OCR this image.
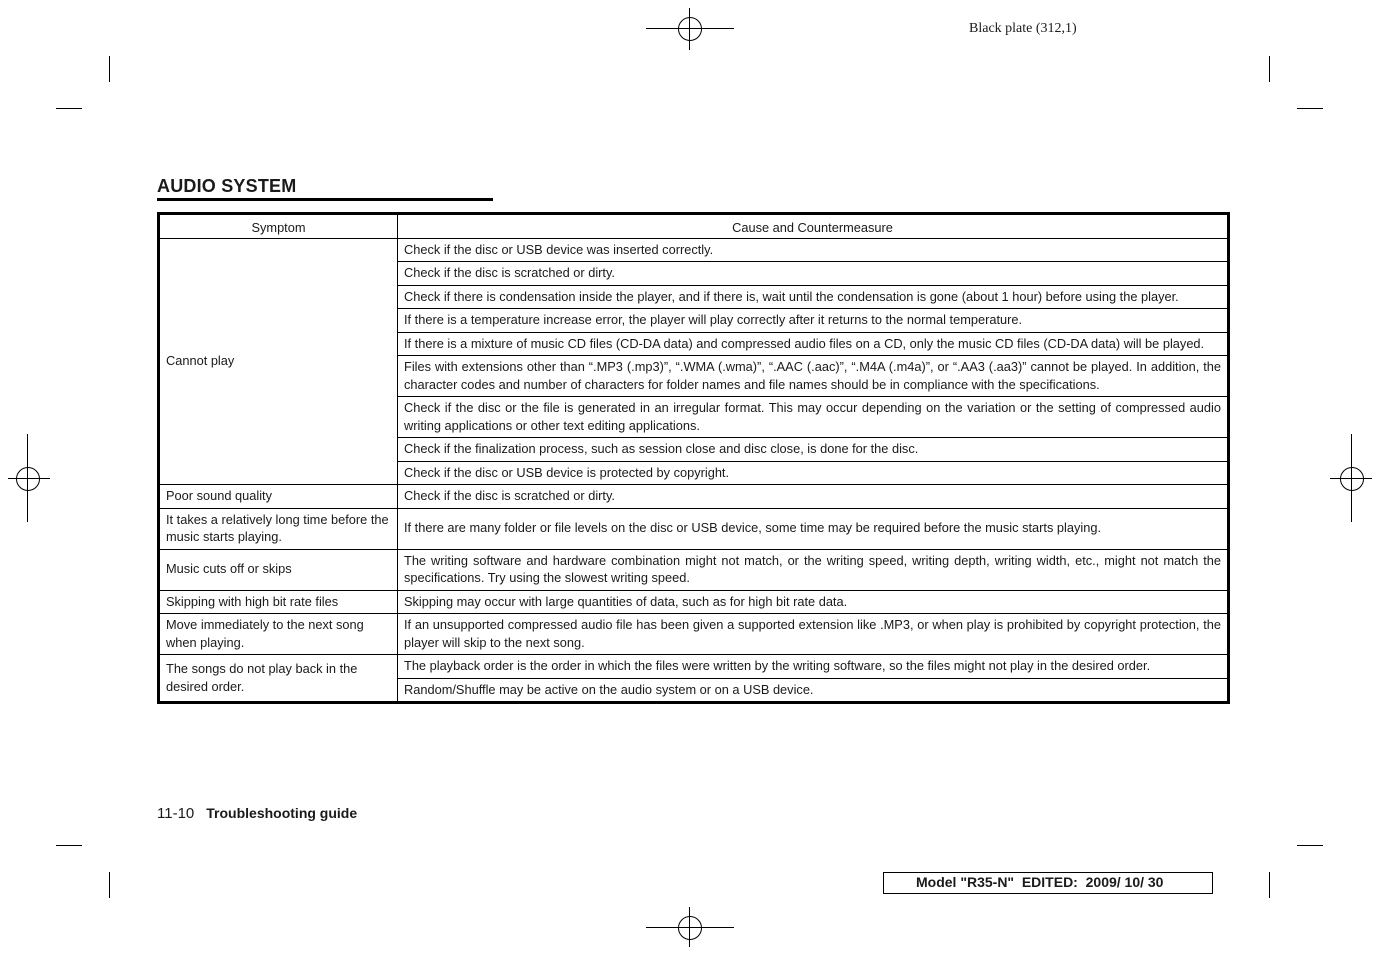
Black plate (312,1)
AUDIO SYSTEM
Symptom	Cause and Countermeasure
Cannot play	Check if the disc or USB device was inserted correctly.
	Check if the disc is scratched or dirty.
	Check if there is condensation inside the player, and if there is, wait until the condensation is gone (about 1 hour) before using the player.
	If there is a temperature increase error, the player will play correctly after it returns to the normal temperature.
	If there is a mixture of music CD files (CD-DA data) and compressed audio files on a CD, only the music CD files (CD-DA data) will be played.
	Files with extensions other than “.MP3 (.mp3)”, “.WMA (.wma)”, “.AAC (.aac)”, “.M4A (.m4a)”, or “.AA3 (.aa3)” cannot be played. In addition, the character codes and number of characters for folder names and file names should be in compliance with the specifications.
	Check if the disc or the file is generated in an irregular format. This may occur depending on the variation or the setting of compressed audio writing applications or other text editing applications.
	Check if the finalization process, such as session close and disc close, is done for the disc.
	Check if the disc or USB device is protected by copyright.
Poor sound quality	Check if the disc is scratched or dirty.
It takes a relatively long time before the music starts playing.	If there are many folder or file levels on the disc or USB device, some time may be required before the music starts playing.
Music cuts off or skips	The writing software and hardware combination might not match, or the writing speed, writing depth, writing width, etc., might not match the specifications. Try using the slowest writing speed.
Skipping with high bit rate files	Skipping may occur with large quantities of data, such as for high bit rate data.
Move immediately to the next song when playing.	If an unsupported compressed audio file has been given a supported extension like .MP3, or when play is prohibited by copyright protection, the player will skip to the next song.
The songs do not play back in the desired order.	The playback order is the order in which the files were written by the writing software, so the files might not play in the desired order.
	Random/Shuffle may be active on the audio system or on a USB device.
11-10 Troubleshooting guide
Model "R35-N"  EDITED:  2009/ 10/ 30
